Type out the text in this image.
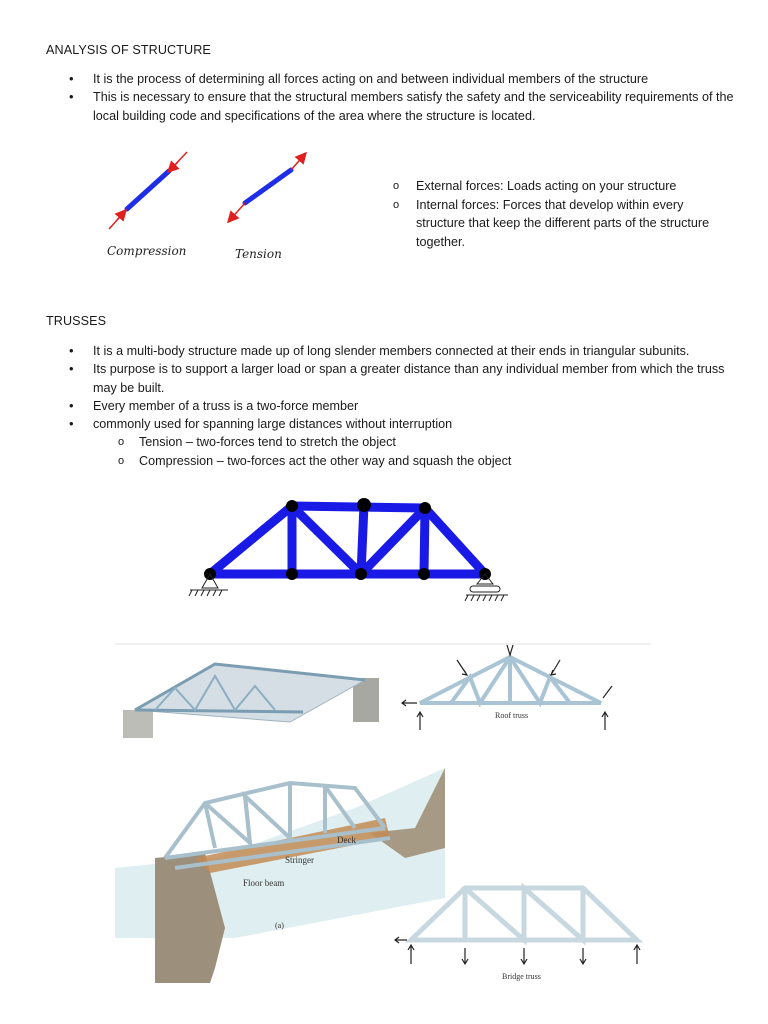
ANALYSIS OF STRUCTURE
• It is the process of determining all forces acting on and between individual members of the structure
• This is necessary to ensure that the structural members satisfy the safety and the serviceability requirements of the local building code and specifications of the area where the structure is located.
Compression	Tension
o External forces: Loads acting on your structure
o Internal forces: Forces that develop within every structure that keep the different parts of the structure together.
TRUSSES
• It is a multi-body structure made up of long slender members connected at their ends in triangular subunits.
• Its purpose is to support a larger load or span a greater distance than any individual member from which the truss may be built.
• Every member of a truss is a two-force member
• commonly used for spanning large distances without interruption
o Tension – two-forces tend to stretch the object
o Compression – two-forces act the other way and squash the object
Roof truss
Deck
Stringer
Floor beam
(a)
Bridge truss
